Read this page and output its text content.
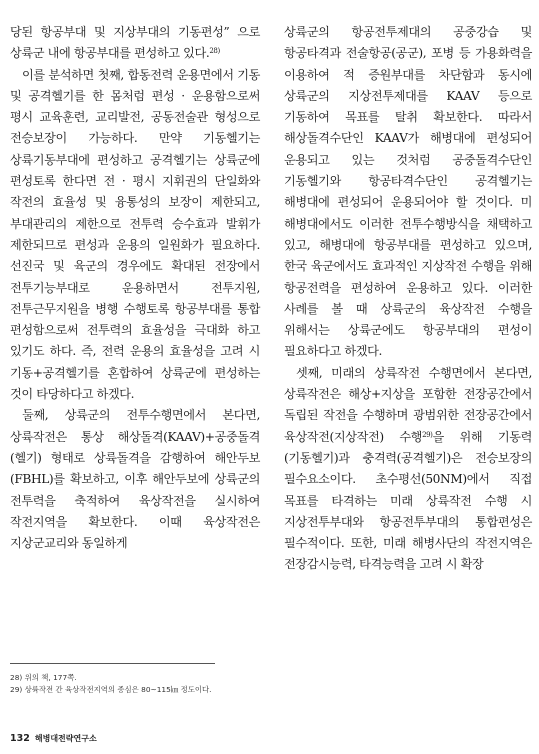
당된 항공부대 및 지상부대의 기동편성” 으로 상륙군 내에 항공부대를 편성하고 있다.$^{28)}$

이를 분석하면 첫째, 합동전력 운용면에서 기동 및 공격헬기를 한 몸처럼 편성 · 운용함으로써 평시 교육훈련, 교리발전, 공동전술관 형성으로 전승보장이 가능하다. 만약 기동헬기는 상륙기동부대에 편성하고 공격헬기는 상륙군에 편성토록 한다면 전 · 평시 지휘권의 단일화와 작전의 효율성 및 융통성의 보장이 제한되고, 부대관리의 제한으로 전투력 승수효과 발휘가 제한되므로 편성과 운용의 일원화가 필요하다. 선진국 및 육군의 경우에도 확대된 전장에서 전투기능부대로 운용하면서 전투지원, 전투근무지원을 병행 수행토록 항공부대를 통합 편성함으로써 전투력의 효율성을 극대화 하고 있기도 하다. 즉, 전력 운용의 효율성을 고려 시 기동+공격헬기를 혼합하여 상륙군에 편성하는 것이 타당하다고 하겠다.

둘째, 상륙군의 전투수행면에서 본다면, 상륙작전은 통상 해상돌격(KAAV)+공중돌격(헬기) 형태로 상륙돌격을 감행하여 해안두보(FBHL)를 확보하고, 이후 해안두보에 상륙군의 전투력을 축적하여 육상작전을 실시하여 작전지역을 확보한다. 이때 육상작전은 지상군교리와 동일하게

상륙군의 항공전투제대의 공중강습 및 항공타격과 전술항공(공군), 포병 등 가용화력을 이용하여 적 증원부대를 차단함과 동시에 상륙군의 지상전투제대를 KAAV 등으로 기동하여 목표를 탈취 확보한다. 따라서 해상돌격수단인 KAAV가 해병대에 편성되어 운용되고 있는 것처럼 공중돌격수단인 기동헬기와 항공타격수단인 공격헬기는 해병대에 편성되어 운용되어야 할 것이다. 미 해병대에서도 이러한 전투수행방식을 채택하고 있고, 해병대에 항공부대를 편성하고 있으며, 한국 육군에서도 효과적인 지상작전 수행을 위해 항공전력을 편성하여 운용하고 있다. 이러한 사례를 볼 때 상륙군의 육상작전 수행을 위해서는 상륙군에도 항공부대의 편성이 필요하다고 하겠다.

셋째, 미래의 상륙작전 수행면에서 본다면, 상륙작전은 해상+지상을 포함한 전장공간에서 독립된 작전을 수행하며 광범위한 전장공간에서 육상작전(지상작전) 수행$^{29)}$을 위해 기동력(기동헬기)과 충격력(공격헬기)은 전승보장의 필수요소이다. 초수평선(50NM)에서 직접 목표를 타격하는 미래 상륙작전 수행 시 지상전투부대와 항공전투부대의 통합편성은 필수적이다. 또한, 미래 해병사단의 작전지역은 전장감시능력, 타격능력을 고려 시 확장

28) 위의 책, 177쪽.
29) 상륙작전 간 육상작전지역의 종심은 80~115㎞ 정도이다.
132 해병대전략연구소
